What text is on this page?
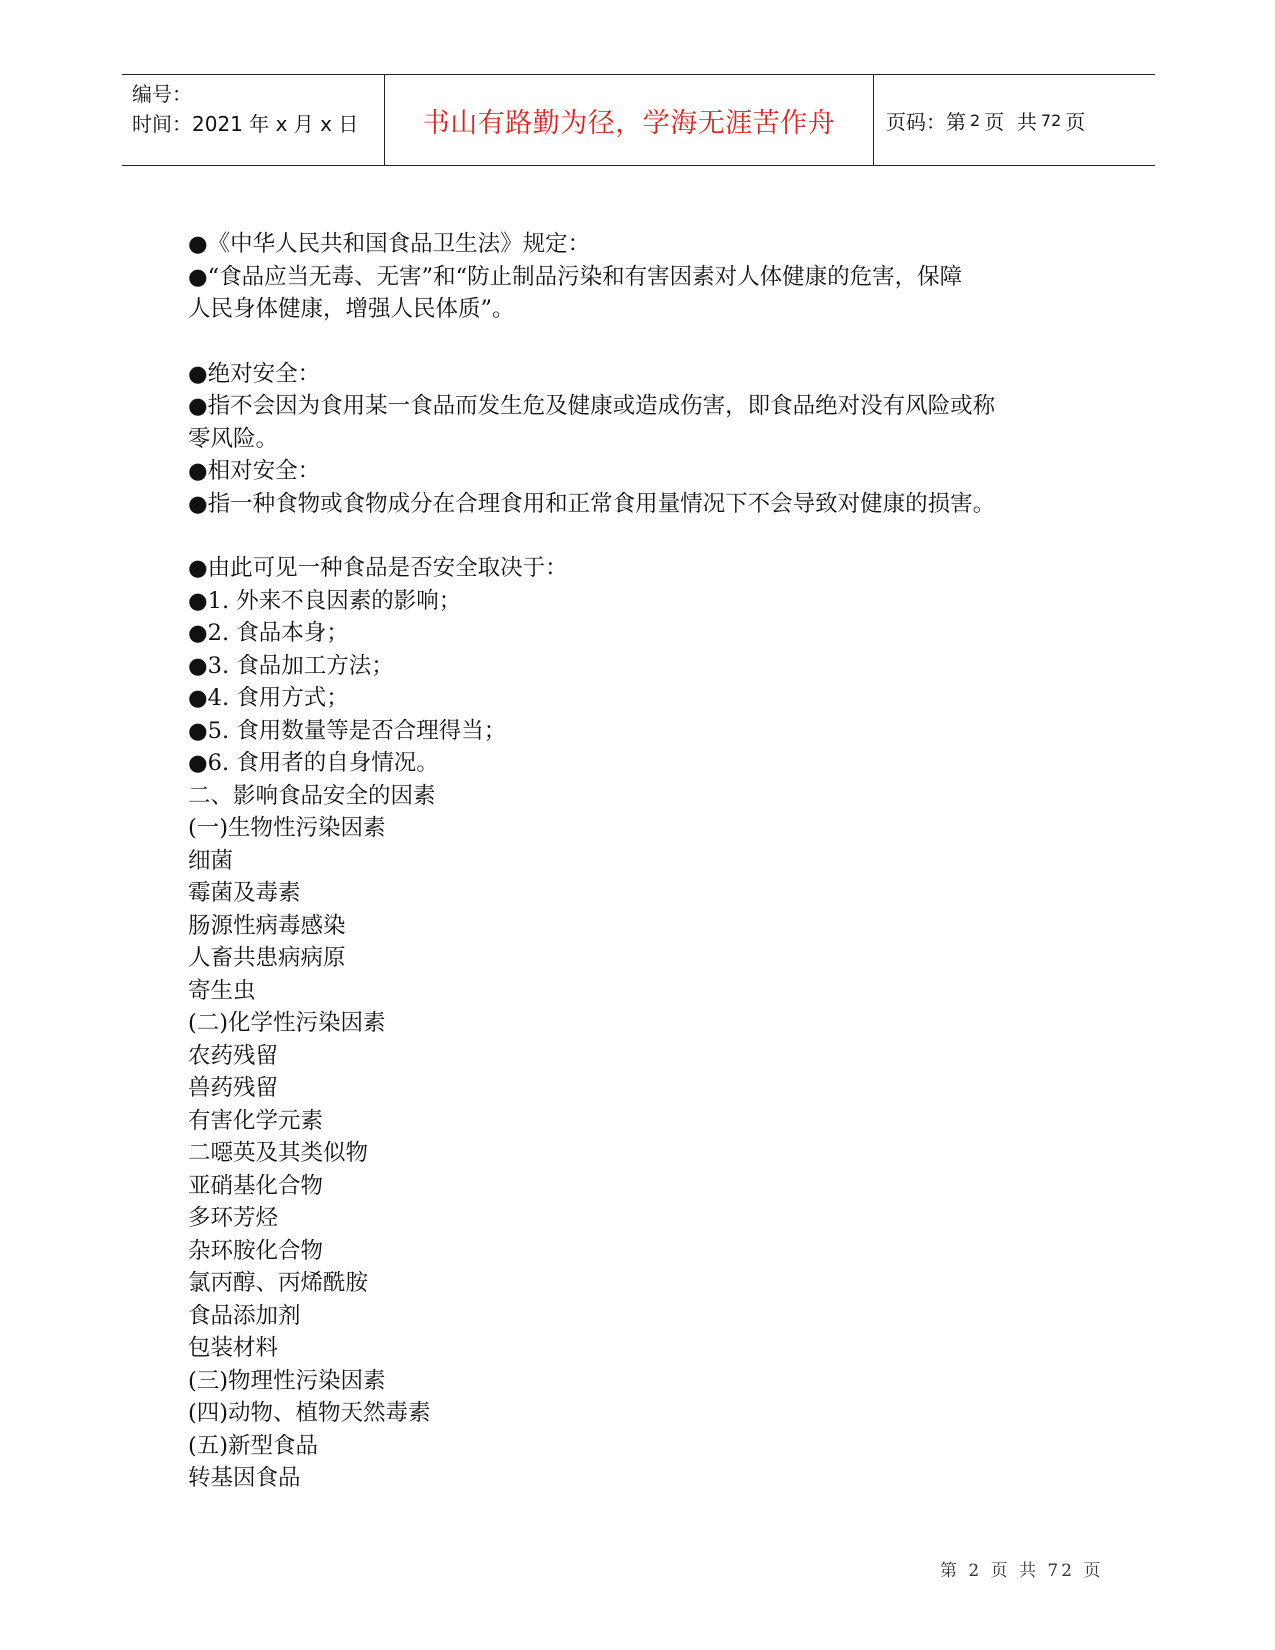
编号：
时间：2021 年 x 月 x 日	书山有路勤为径，学海无涯苦作舟	页码：第 2 页  共 72 页
●《中华人民共和国食品卫生法》规定：
●“食品应当无毒、无害”和“防止制品污染和有害因素对人体健康的危害，保障
人民身体健康，增强人民体质”。
●绝对安全：
●指不会因为食用某一食品而发生危及健康或造成伤害，即食品绝对没有风险或称
零风险。
●相对安全：
●指一种食物或食物成分在合理食用和正常食用量情况下不会导致对健康的损害。
●由此可见一种食品是否安全取决于：
●1. 外来不良因素的影响；
●2. 食品本身；
●3. 食品加工方法；
●4. 食用方式；
●5. 食用数量等是否合理得当；
●6. 食用者的自身情况。
二、影响食品安全的因素
(一)生物性污染因素
细菌
霉菌及毒素
肠源性病毒感染
人畜共患病病原
寄生虫
(二)化学性污染因素
农药残留
兽药残留
有害化学元素
二噁英及其类似物
亚硝基化合物
多环芳烃
杂环胺化合物
氯丙醇、丙烯酰胺
食品添加剂
包装材料
(三)物理性污染因素
(四)动物、植物天然毒素
(五)新型食品
转基因食品
第 2 页 共 72 页
